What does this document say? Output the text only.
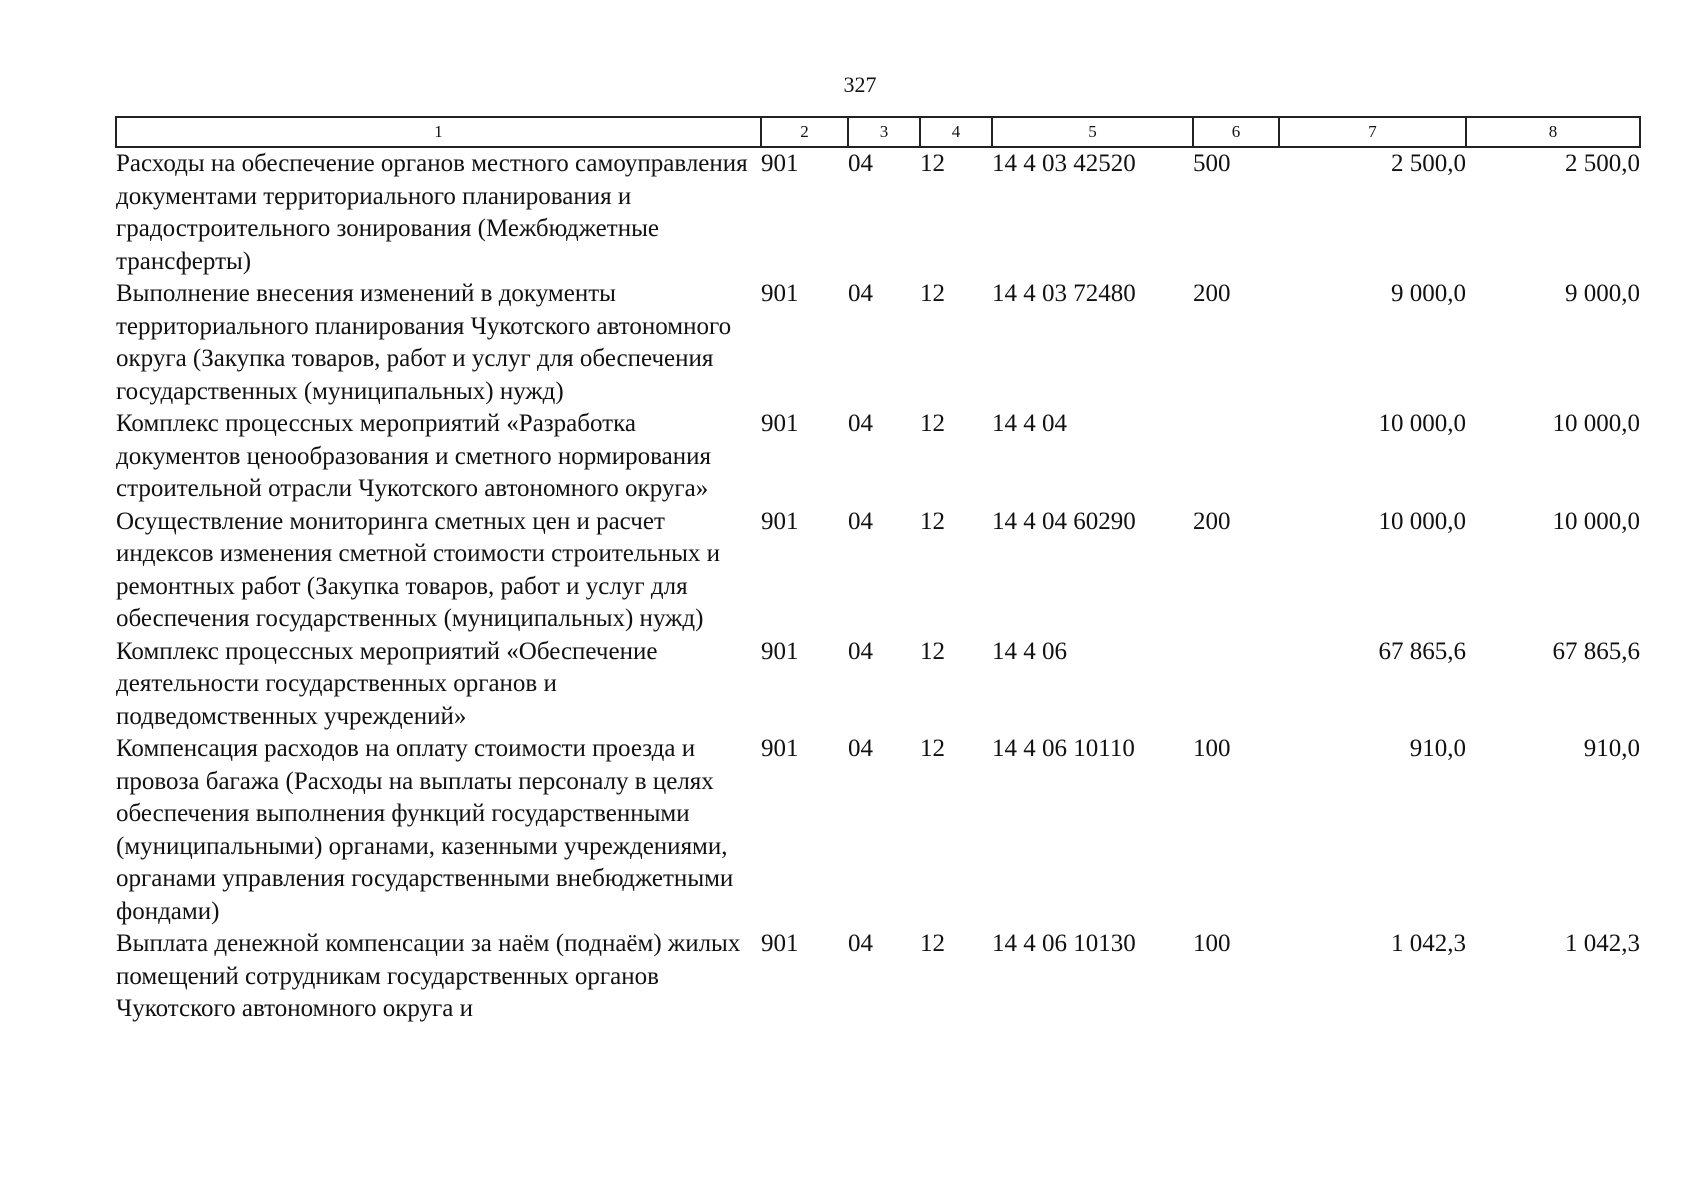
327
1	2	3	4	5	6	7	8
Расходы на обеспечение органов местного самоуправления документами территориального планирования и градостроительного зонирования (Межбюджетные трансферты)	901	04	12	14 4 03 42520	500	2 500,0	2 500,0
Выполнение внесения изменений в документы территориального планирования Чукотского автономного округа (Закупка товаров, работ и услуг для обеспечения государственных (муниципальных) нужд)	901	04	12	14 4 03 72480	200	9 000,0	9 000,0
Комплекс процессных мероприятий «Разработка документов ценообразования и сметного нормирования строительной отрасли Чукотского автономного округа»	901	04	12	14 4 04		10 000,0	10 000,0
Осуществление мониторинга сметных цен и расчет индексов изменения сметной стоимости строительных и ремонтных работ (Закупка товаров, работ и услуг для обеспечения государственных (муниципальных) нужд)	901	04	12	14 4 04 60290	200	10 000,0	10 000,0
Комплекс процессных мероприятий «Обеспечение деятельности государственных органов и подведомственных учреждений»	901	04	12	14 4 06		67 865,6	67 865,6
Компенсация расходов на оплату стоимости проезда и провоза багажа (Расходы на выплаты персоналу в целях обеспечения выполнения функций государственными (муниципальными) органами, казенными учреждениями, органами управления государственными внебюджетными фондами)	901	04	12	14 4 06 10110	100	910,0	910,0
Выплата денежной компенсации за наём (поднаём) жилых помещений сотрудникам государственных органов Чукотского автономного округа и	901	04	12	14 4 06 10130	100	1 042,3	1 042,3
